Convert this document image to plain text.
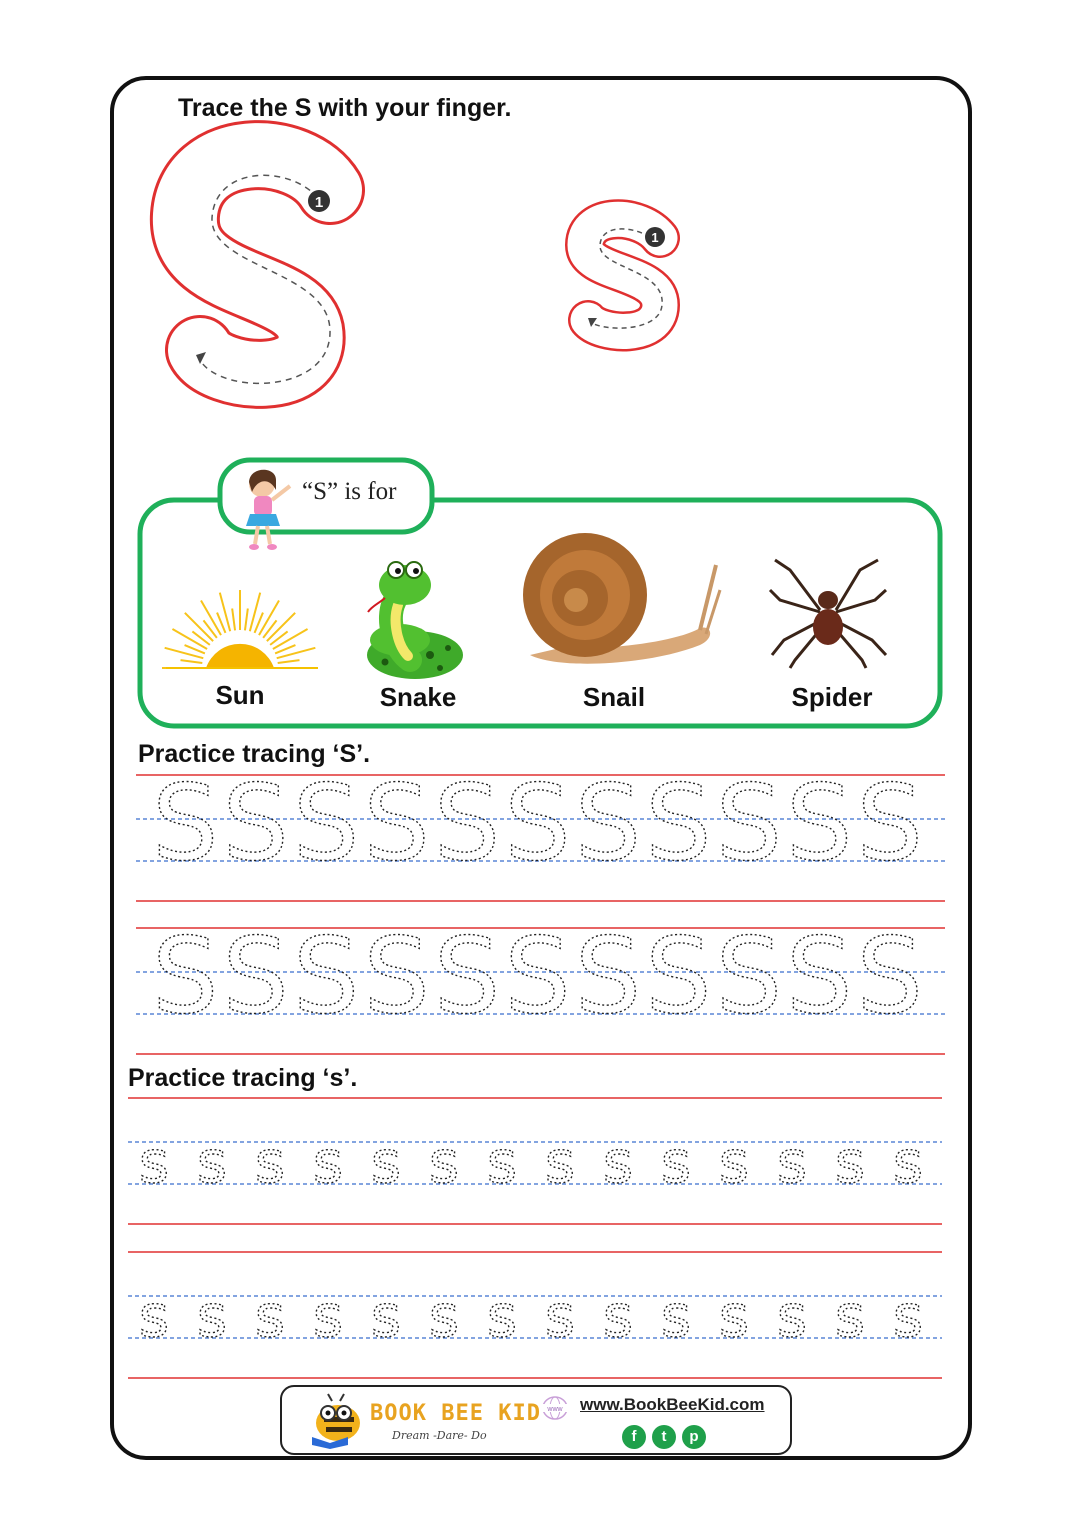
Trace the S with your finger.
1
1
“S” is for
Sun	Snake	Snail	Spider
Practice tracing ‘S’.
Practice tracing ‘s’.
S S S S S S S S S S S
S S S S S S S S S S S
s s s s s s s s s s s s s s
s s s s s s s s s s s s s s
BOOK BEE KID
Dream -Dare- Do
www www.BookBeeKid.com
f	t	p
